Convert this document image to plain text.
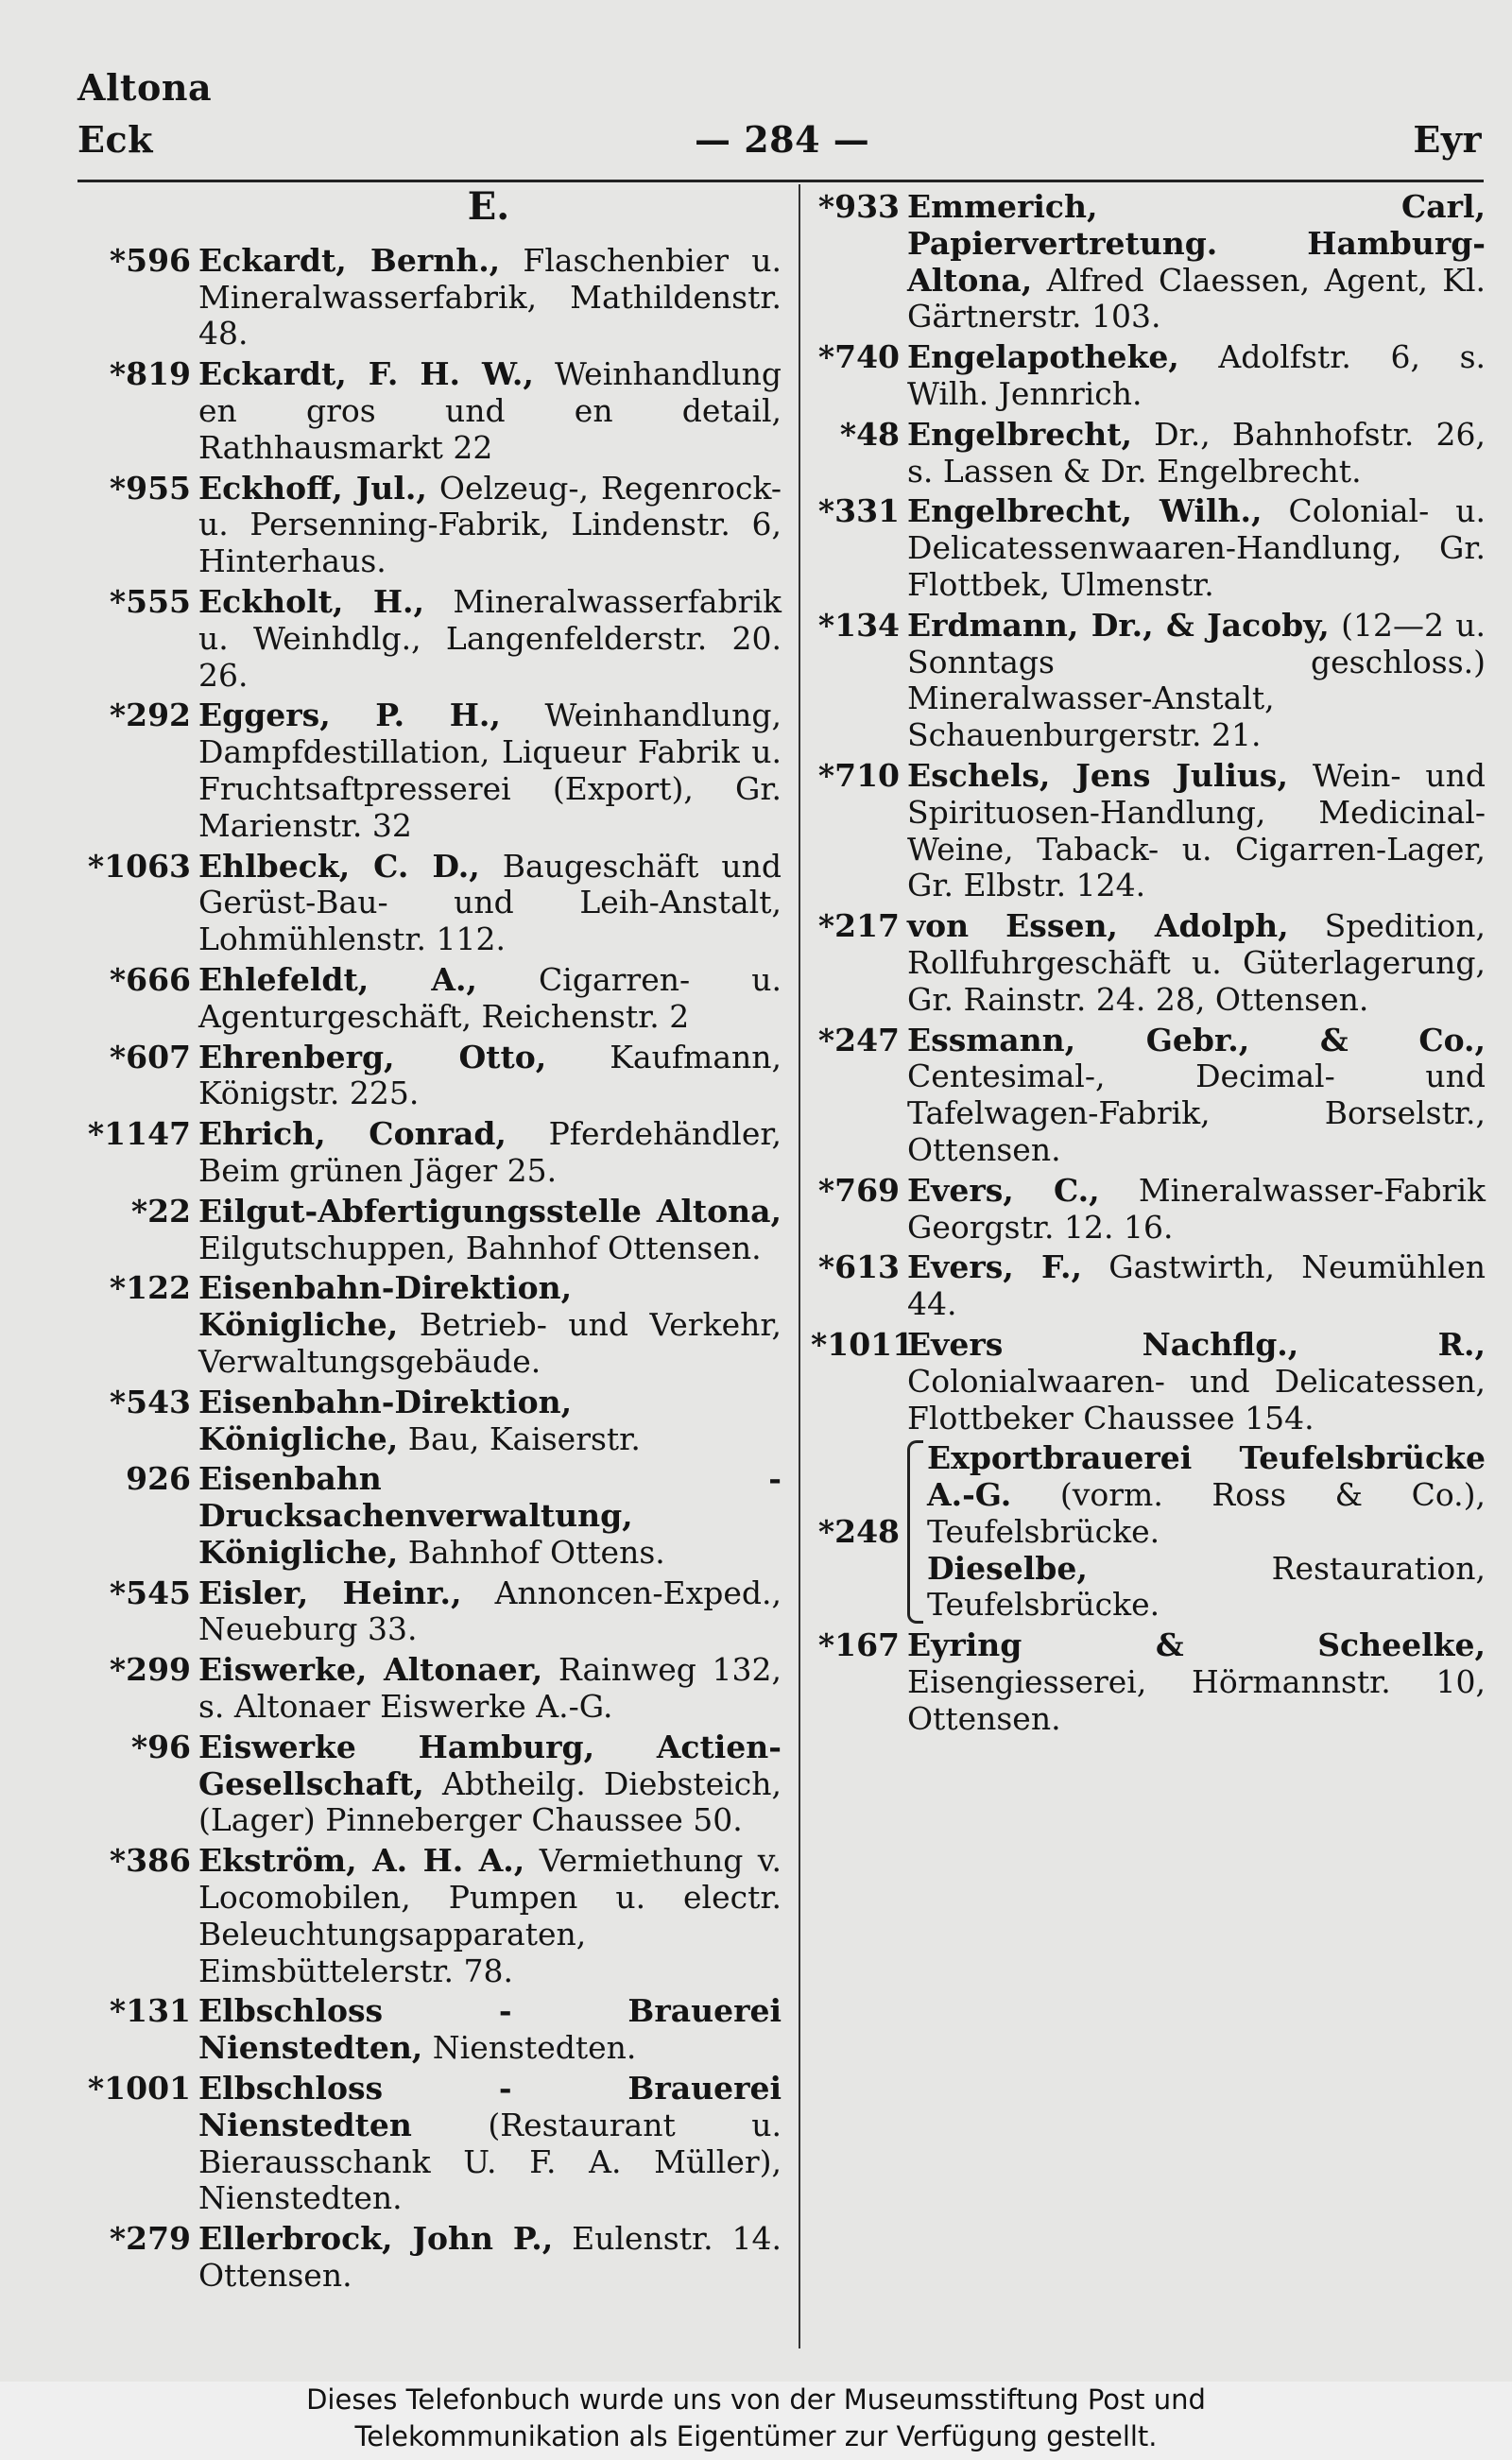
Altona
Eck	— 284 —	Eyr
E.
*596 Eckardt, Bernh., Flaschenbier u. Mineralwasserfabrik, Mathildenstr. 48.
*819 Eckardt, F. H. W., Weinhandlung en gros und en detail, Rathhausmarkt 22
*955 Eckhoff, Jul., Oelzeug-, Regenrock- u. Persenning-Fabrik, Lindenstr. 6, Hinterhaus.
*555 Eckholt, H., Mineralwasserfabrik u. Weinhdlg., Langenfelderstr. 20. 26.
*292 Eggers, P. H., Weinhandlung, Dampfdestillation, Liqueur Fabrik u. Fruchtsaftpresserei (Export), Gr. Marienstr. 32
*1063 Ehlbeck, C. D., Baugeschäft und Gerüst-Bau- und Leih-Anstalt, Lohmühlenstr. 112.
*666 Ehlefeldt, A., Cigarren- u. Agenturgeschäft, Reichenstr. 2
*607 Ehrenberg, Otto, Kaufmann, Königstr. 225.
*1147 Ehrich, Conrad, Pferdehändler, Beim grünen Jäger 25.
*22 Eilgut-Abfertigungsstelle Altona, Eilgutschuppen, Bahnhof Ottensen.
*122 Eisenbahn-Direktion, Königliche, Betrieb- und Verkehr, Verwaltungsgebäude.
*543 Eisenbahn-Direktion, Königliche, Bau, Kaiserstr.
926 Eisenbahn - Drucksachenverwaltung, Königliche, Bahnhof Ottens.
*545 Eisler, Heinr., Annoncen-Exped., Neueburg 33.
*299 Eiswerke, Altonaer, Rainweg 132, s. Altonaer Eiswerke A.-G.
*96 Eiswerke Hamburg, Actien-Gesellschaft, Abtheilg. Diebsteich, (Lager) Pinneberger Chaussee 50.
*386 Ekström, A. H. A., Vermiethung v. Locomobilen, Pumpen u. electr. Beleuchtungsapparaten, Eimsbüttelerstr. 78.
*131 Elbschloss - Brauerei Nienstedten, Nienstedten.
*1001 Elbschloss - Brauerei Nienstedten (Restaurant u. Bierausschank U. F. A. Müller), Nienstedten.
*279 Ellerbrock, John P., Eulenstr. 14. Ottensen.
*933 Emmerich, Carl, Papiervertretung. Hamburg-Altona, Alfred Claessen, Agent, Kl. Gärtnerstr. 103.
*740 Engelapotheke, Adolfstr. 6, s. Wilh. Jennrich.
*48 Engelbrecht, Dr., Bahnhofstr. 26, s. Lassen & Dr. Engelbrecht.
*331 Engelbrecht, Wilh., Colonial- u. Delicatessenwaaren-Handlung, Gr. Flottbek, Ulmenstr.
*134 Erdmann, Dr., & Jacoby, (12—2 u. Sonntags geschloss.) Mineralwasser-Anstalt, Schauenburgerstr. 21.
*710 Eschels, Jens Julius, Wein- und Spirituosen-Handlung, Medicinal-Weine, Taback- u. Cigarren-Lager, Gr. Elbstr. 124.
*217 von Essen, Adolph, Spedition, Rollfuhrgeschäft u. Güterlagerung, Gr. Rainstr. 24. 28, Ottensen.
*247 Essmann, Gebr., & Co., Centesimal-, Decimal- und Tafelwagen-Fabrik, Borselstr., Ottensen.
*769 Evers, C., Mineralwasser-Fabrik Georgstr. 12. 16.
*613 Evers, F., Gastwirth, Neumühlen 44.
*1011
Evers Nachflg., R., Colonialwaaren- und Delicatessen, Flottbeker Chaussee 154.
*248
Exportbrauerei Teufelsbrücke A.-G. (vorm. Ross & Co.), Teufelsbrücke.
Dieselbe, Restauration, Teufelsbrücke.
*167 Eyring & Scheelke, Eisengiesserei, Hörmannstr. 10, Ottensen.
Dieses Telefonbuch wurde uns von der Museumsstiftung Post und
Telekommunikation als Eigentümer zur Verfügung gestellt.
